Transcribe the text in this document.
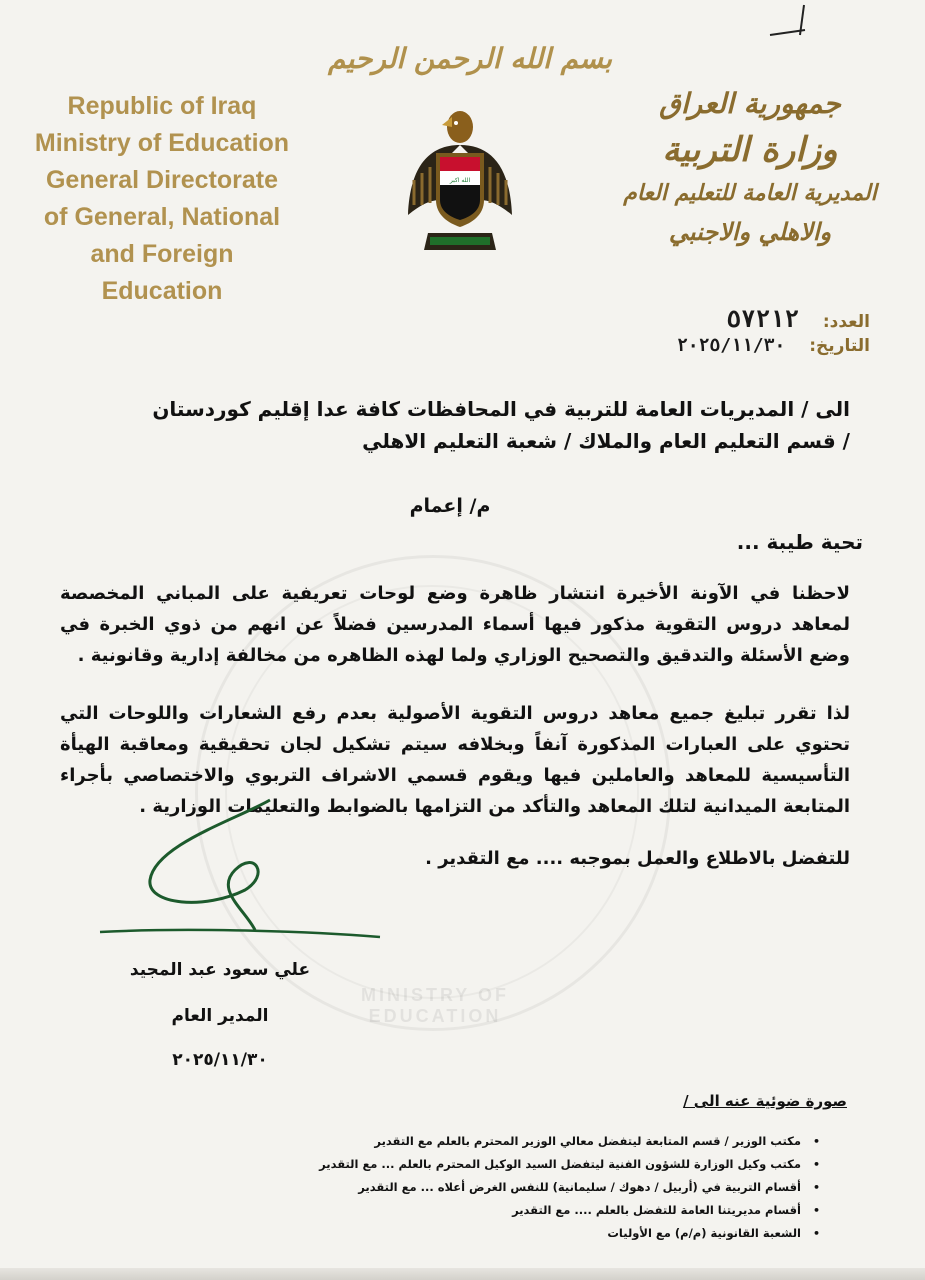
MINISTRY OF EDUCATION
بسم الله الرحمن الرحيم
Republic of Iraq
Ministry of Education
General Directorate
of General, National
and Foreign Education
الله اكبر
جمهورية العراق
وزارة التربية
المديرية العامة للتعليم العام
والاهلي والاجنبي
العدد: ٥٧٢١٢
التاريخ: ٢٠٢٥/١١/٣٠
الى / المديريات العامة للتربية في المحافظات كافة عدا إقليم كوردستان / قسم التعليم العام والملاك / شعبة التعليم الاهلي
م/ إعمام
تحية طيبة ...
لاحظنا في الآونة الأخيرة انتشار ظاهرة وضع لوحات تعريفية على المباني المخصصة لمعاهد دروس التقوية مذكور فيها أسماء المدرسين فضلاً عن انهم من ذوي الخبرة في وضع الأسئلة والتدقيق والتصحيح الوزاري ولما لهذه الظاهره من مخالفة إدارية وقانونية .
لذا تقرر تبليغ جميع معاهد دروس التقوية الأصولية بعدم رفع الشعارات واللوحات التي تحتوي على العبارات المذكورة آنفاً وبخلافه سيتم تشكيل لجان تحقيقية ومعاقبة الهيأة التأسيسية للمعاهد والعاملين فيها ويقوم قسمي الاشراف التربوي والاختصاصي بأجراء المتابعة الميدانية لتلك المعاهد والتأكد من التزامها بالضوابط والتعليمات الوزارية .
للتفضل بالاطلاع والعمل بموجبه .... مع التقدير .
علي سعود عبد المجيد
المدير العام
٢٠٢٥/١١/٣٠
صورة ضوئية عنه الى /
• مكتب الوزير / قسم المتابعة ليتفضل معالي الوزير المحترم بالعلم مع التقدير
• مكتب وكيل الوزارة للشؤون الفنية ليتفضل السيد الوكيل المحترم بالعلم ... مع التقدير
• أقسام التربية في (أربيل / دهوك / سليمانية) للنفس الغرض أعلاه ... مع التقدير
• أقسام مديريتنا العامة للتفضل بالعلم .... مع التقدير
• الشعبة القانونية (م/م) مع الأوليات
